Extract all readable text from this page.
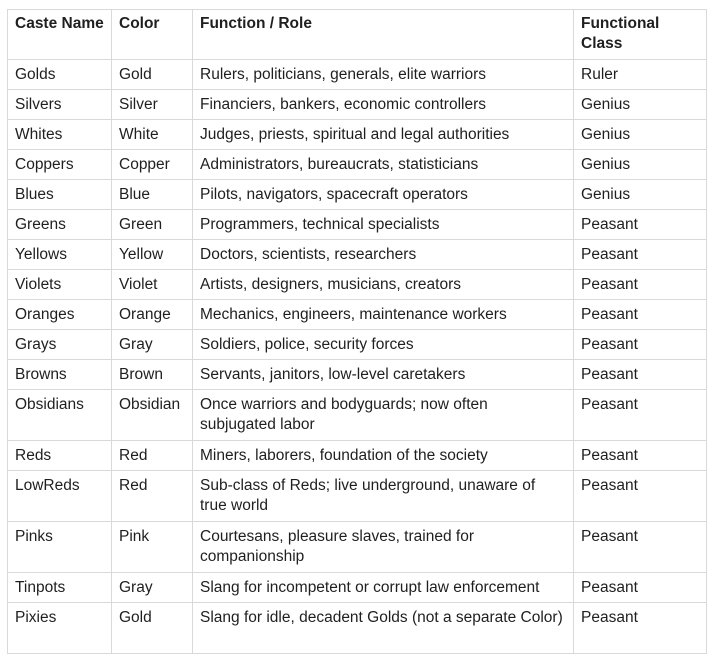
Caste Name	Color	Function / Role	Functional Class
Golds	Gold	Rulers, politicians, generals, elite warriors	Ruler
Silvers	Silver	Financiers, bankers, economic controllers	Genius
Whites	White	Judges, priests, spiritual and legal authorities	Genius
Coppers	Copper	Administrators, bureaucrats, statisticians	Genius
Blues	Blue	Pilots, navigators, spacecraft operators	Genius
Greens	Green	Programmers, technical specialists	Peasant
Yellows	Yellow	Doctors, scientists, researchers	Peasant
Violets	Violet	Artists, designers, musicians, creators	Peasant
Oranges	Orange	Mechanics, engineers, maintenance workers	Peasant
Grays	Gray	Soldiers, police, security forces	Peasant
Browns	Brown	Servants, janitors, low-level caretakers	Peasant
Obsidians	Obsidian	Once warriors and bodyguards; now often subjugated labor	Peasant
Reds	Red	Miners, laborers, foundation of the society	Peasant
LowReds	Red	Sub-class of Reds; live underground, unaware of true world	Peasant
Pinks	Pink	Courtesans, pleasure slaves, trained for companionship	Peasant
Tinpots	Gray	Slang for incompetent or corrupt law enforcement	Peasant
Pixies	Gold	Slang for idle, decadent Golds (not a separate Color)	Peasant
